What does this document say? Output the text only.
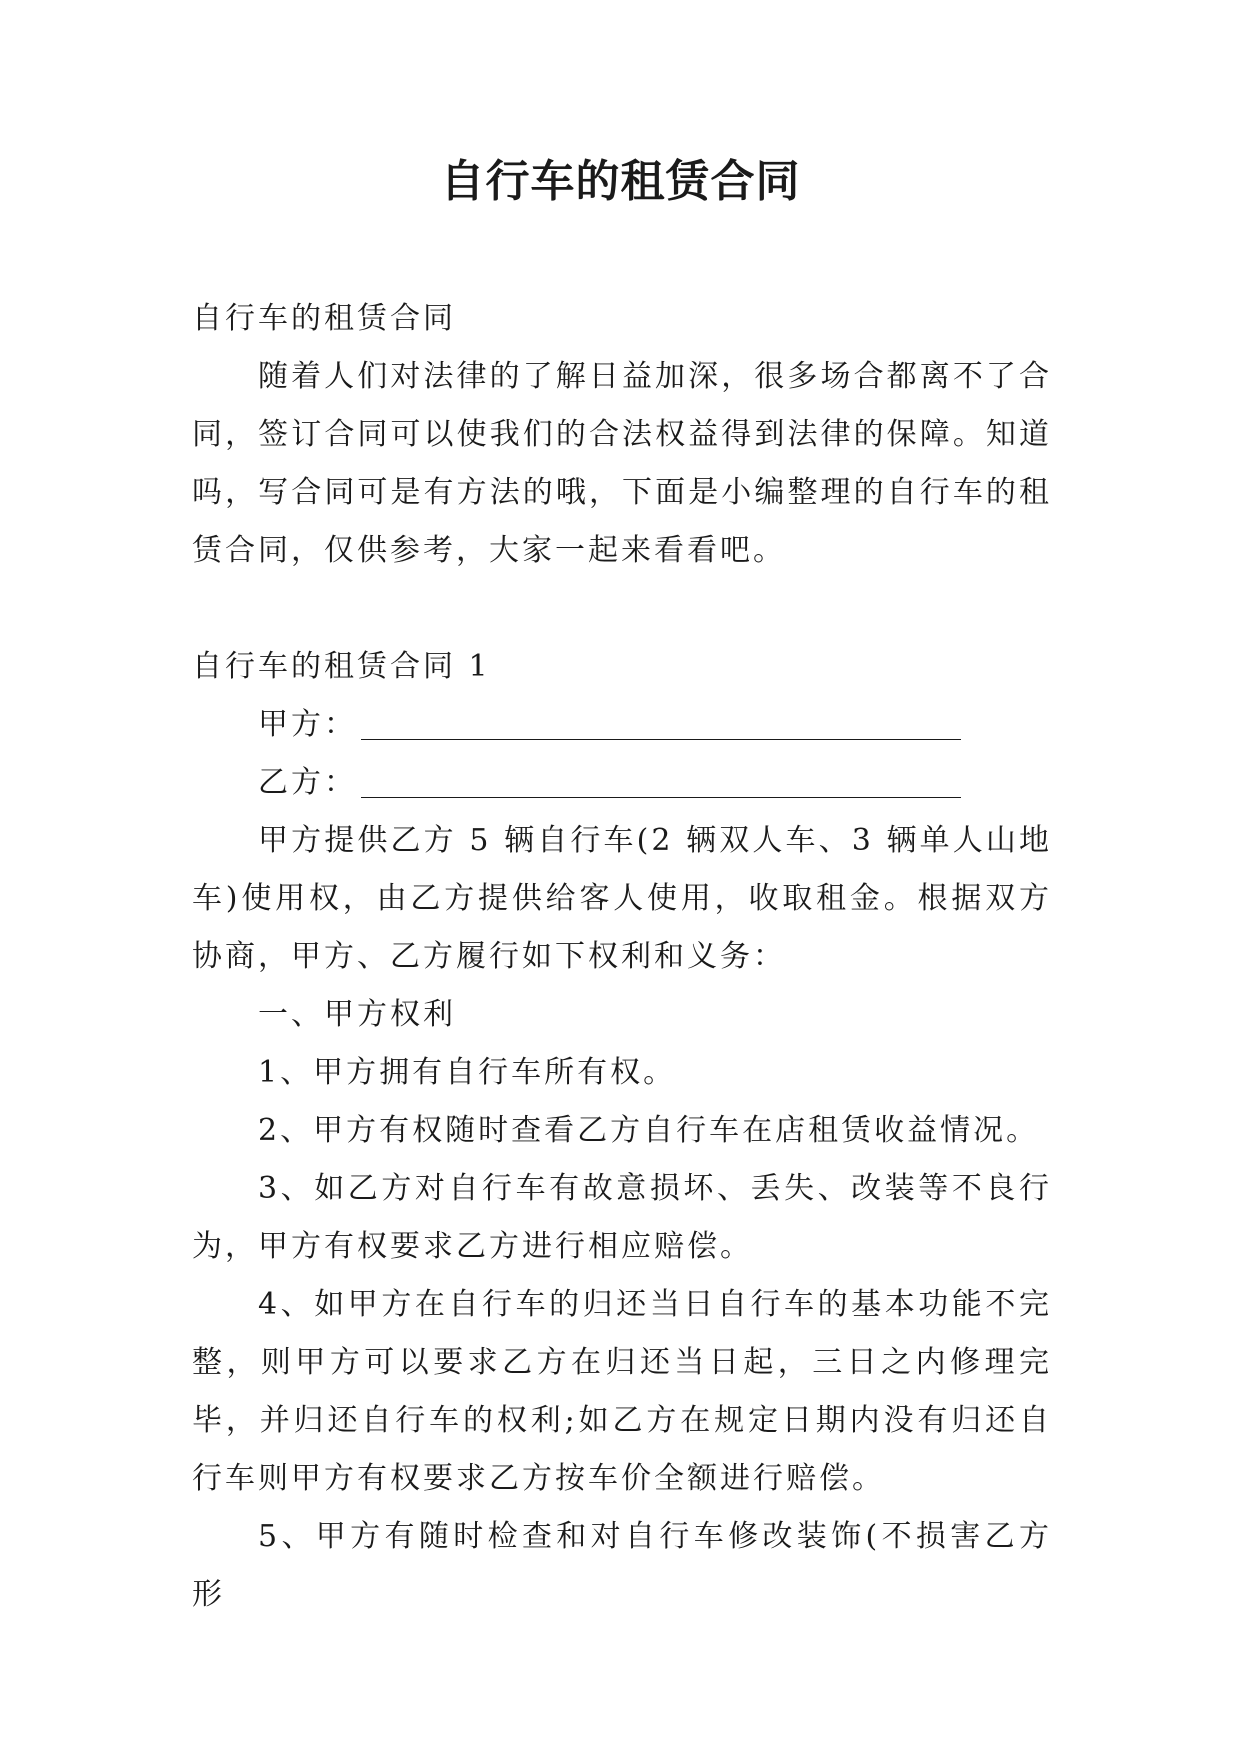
自行车的租赁合同

自行车的租赁合同

随着人们对法律的了解日益加深，很多场合都离不了合同，签订合同可以使我们的合法权益得到法律的保障。知道吗，写合同可是有方法的哦，下面是小编整理的自行车的租赁合同，仅供参考，大家一起来看看吧。

自行车的租赁合同 1

甲方：

乙方：

甲方提供乙方 5 辆自行车(2 辆双人车、3 辆单人山地车)使用权，由乙方提供给客人使用，收取租金。根据双方协商，甲方、乙方履行如下权利和义务：

一、甲方权利

1、甲方拥有自行车所有权。

2、甲方有权随时查看乙方自行车在店租赁收益情况。

3、如乙方对自行车有故意损坏、丢失、改装等不良行为，甲方有权要求乙方进行相应赔偿。

4、如甲方在自行车的归还当日自行车的基本功能不完整，则甲方可以要求乙方在归还当日起，三日之内修理完毕，并归还自行车的权利;如乙方在规定日期内没有归还自行车则甲方有权要求乙方按车价全额进行赔偿。

5、甲方有随时检查和对自行车修改装饰(不损害乙方形
